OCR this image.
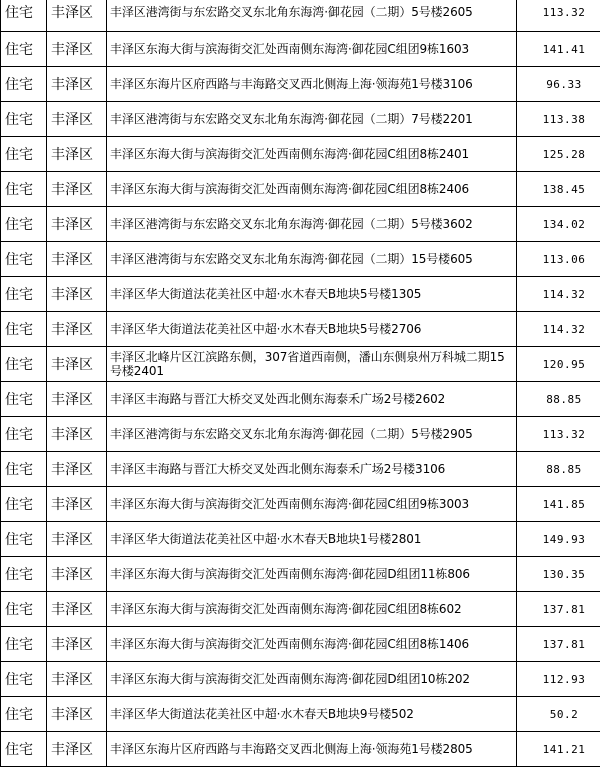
住宅	丰泽区	丰泽区港湾街与东宏路交叉东北角东海湾·御花园（二期）5号楼2605	113.32
住宅	丰泽区	丰泽区东海大街与滨海街交汇处西南侧东海湾·御花园C组团9栋1603	141.41
住宅	丰泽区	丰泽区东海片区府西路与丰海路交叉西北侧海上海·领海苑1号楼3106	96.33
住宅	丰泽区	丰泽区港湾街与东宏路交叉东北角东海湾·御花园（二期）7号楼2201	113.38
住宅	丰泽区	丰泽区东海大街与滨海街交汇处西南侧东海湾·御花园C组团8栋2401	125.28
住宅	丰泽区	丰泽区东海大街与滨海街交汇处西南侧东海湾·御花园C组团8栋2406	138.45
住宅	丰泽区	丰泽区港湾街与东宏路交叉东北角东海湾·御花园（二期）5号楼3602	134.02
住宅	丰泽区	丰泽区港湾街与东宏路交叉东北角东海湾·御花园（二期）15号楼605	113.06
住宅	丰泽区	丰泽区华大街道法花美社区中超·水木春天B地块5号楼1305	114.32
住宅	丰泽区	丰泽区华大街道法花美社区中超·水木春天B地块5号楼2706	114.32
住宅	丰泽区	丰泽区北峰片区江滨路东侧，307省道西南侧，潘山东侧泉州万科城二期15号楼2401	120.95
住宅	丰泽区	丰泽区丰海路与晋江大桥交叉处西北侧东海泰禾广场2号楼2602	88.85
住宅	丰泽区	丰泽区港湾街与东宏路交叉东北角东海湾·御花园（二期）5号楼2905	113.32
住宅	丰泽区	丰泽区丰海路与晋江大桥交叉处西北侧东海泰禾广场2号楼3106	88.85
住宅	丰泽区	丰泽区东海大街与滨海街交汇处西南侧东海湾·御花园C组团9栋3003	141.85
住宅	丰泽区	丰泽区华大街道法花美社区中超·水木春天B地块1号楼2801	149.93
住宅	丰泽区	丰泽区东海大街与滨海街交汇处西南侧东海湾·御花园D组团11栋806	130.35
住宅	丰泽区	丰泽区东海大街与滨海街交汇处西南侧东海湾·御花园C组团8栋602	137.81
住宅	丰泽区	丰泽区东海大街与滨海街交汇处西南侧东海湾·御花园C组团8栋1406	137.81
住宅	丰泽区	丰泽区东海大街与滨海街交汇处西南侧东海湾·御花园D组团10栋202	112.93
住宅	丰泽区	丰泽区华大街道法花美社区中超·水木春天B地块9号楼502	50.2
住宅	丰泽区	丰泽区东海片区府西路与丰海路交叉西北侧海上海·领海苑1号楼2805	141.21
